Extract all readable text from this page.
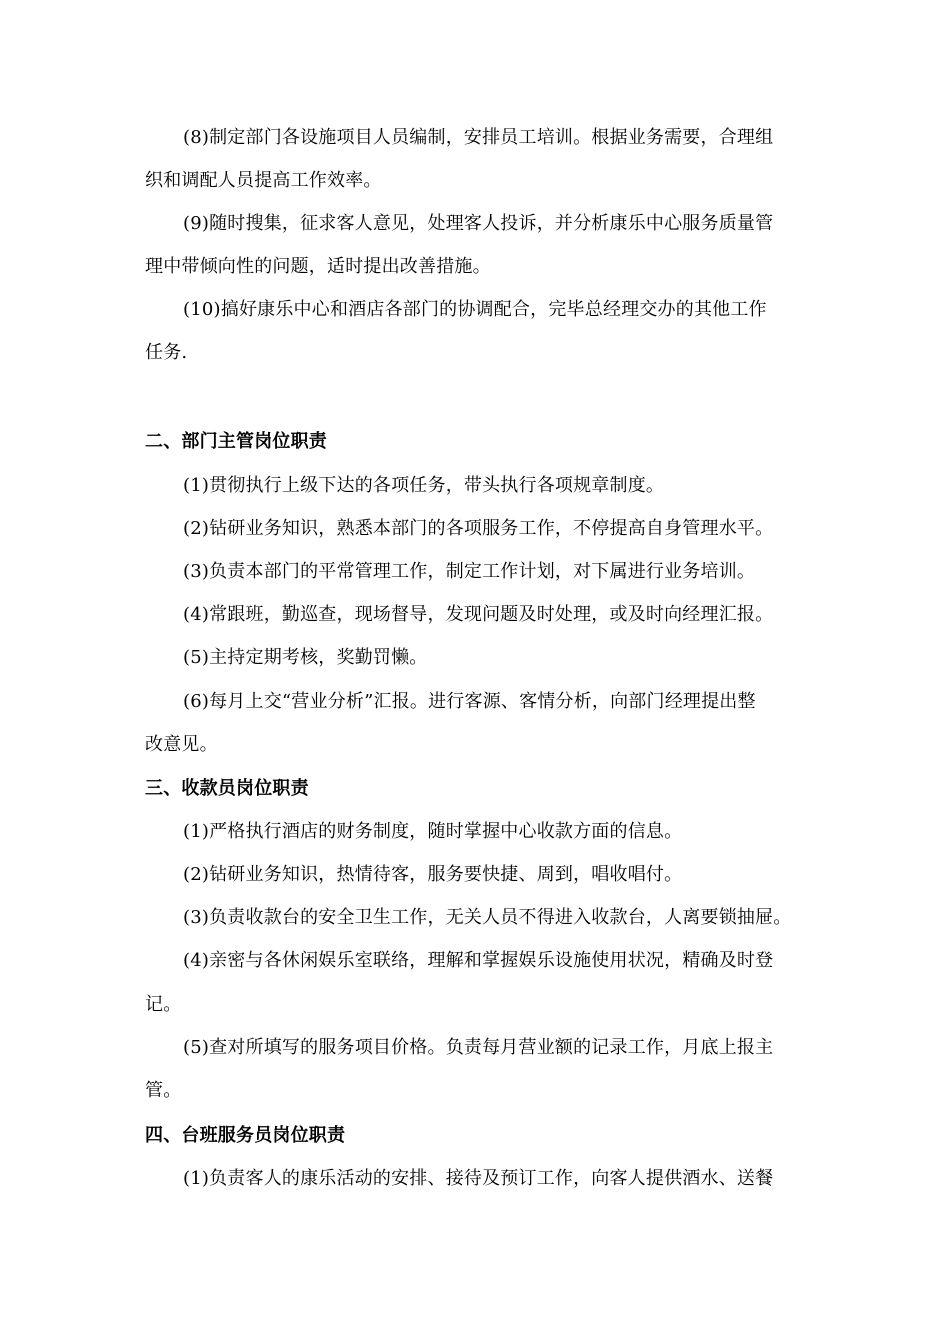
(8)制定部门各设施项目人员编制，安排员工培训。根据业务需要，合理组
织和调配人员提高工作效率。
(9)随时搜集，征求客人意见，处理客人投诉，并分析康乐中心服务质量管
理中带倾向性的问题，适时提出改善措施。
(10)搞好康乐中心和酒店各部门的协调配合，完毕总经理交办的其他工作
任务.
二、部门主管岗位职责
(1)贯彻执行上级下达的各项任务，带头执行各项规章制度。
(2)钻研业务知识，熟悉本部门的各项服务工作，不停提高自身管理水平。
(3)负责本部门的平常管理工作，制定工作计划，对下属进行业务培训。
(4)常跟班，勤巡查，现场督导，发现问题及时处理，或及时向经理汇报。
(5)主持定期考核，奖勤罚懒。
(6)每月上交“营业分析”汇报。进行客源、客情分析，向部门经理提出整
改意见。
三、收款员岗位职责
(1)严格执行酒店的财务制度，随时掌握中心收款方面的信息。
(2)钻研业务知识，热情待客，服务要快捷、周到，唱收唱付。
(3)负责收款台的安全卫生工作，无关人员不得进入收款台，人离要锁抽屉。
(4)亲密与各休闲娱乐室联络，理解和掌握娱乐设施使用状况，精确及时登
记。
(5)查对所填写的服务项目价格。负责每月营业额的记录工作，月底上报主
管。
四、台班服务员岗位职责
(1)负责客人的康乐活动的安排、接待及预订工作，向客人提供酒水、送餐
